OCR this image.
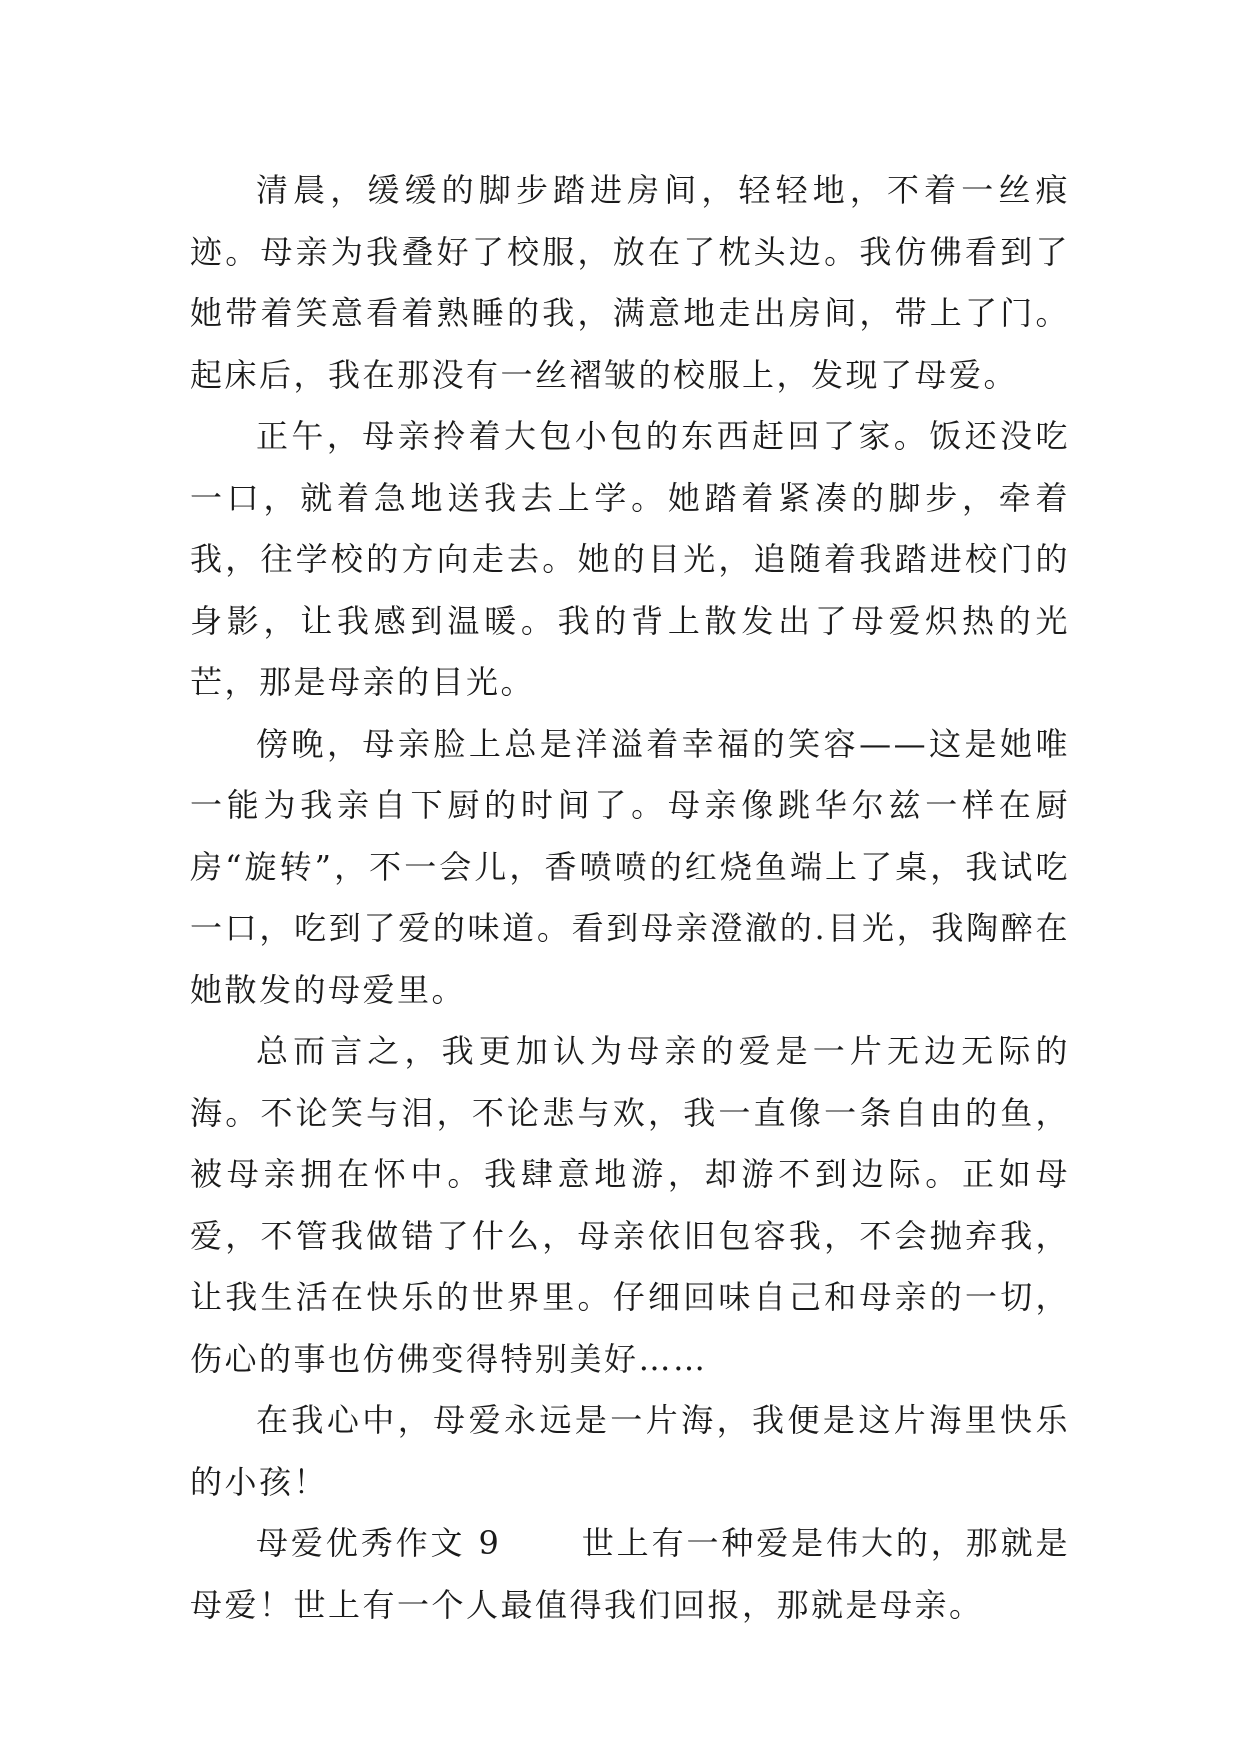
清晨，缓缓的脚步踏进房间，轻轻地，不着一丝痕迹。母亲为我叠好了校服，放在了枕头边。我仿佛看到了她带着笑意看着熟睡的我，满意地走出房间，带上了门。起床后，我在那没有一丝褶皱的校服上，发现了母爱。

正午，母亲拎着大包小包的东西赶回了家。饭还没吃一口，就着急地送我去上学。她踏着紧凑的脚步，牵着我，往学校的方向走去。她的目光，追随着我踏进校门的身影，让我感到温暖。我的背上散发出了母爱炽热的光芒，那是母亲的目光。

傍晚，母亲脸上总是洋溢着幸福的笑容——这是她唯一能为我亲自下厨的时间了。母亲像跳华尔兹一样在厨房“旋转”，不一会儿，香喷喷的红烧鱼端上了桌，我试吃一口，吃到了爱的味道。看到母亲澄澈的.目光，我陶醉在她散发的母爱里。

总而言之，我更加认为母亲的爱是一片无边无际的海。不论笑与泪，不论悲与欢，我一直像一条自由的鱼，被母亲拥在怀中。我肆意地游，却游不到边际。正如母爱，不管我做错了什么，母亲依旧包容我，不会抛弃我，让我生活在快乐的世界里。仔细回味自己和母亲的一切，伤心的事也仿佛变得特别美好……

在我心中，母爱永远是一片海，我便是这片海里快乐的小孩！

母爱优秀作文 9	世上有一种爱是伟大的，那就是母爱！世上有一个人最值得我们回报，那就是母亲。
